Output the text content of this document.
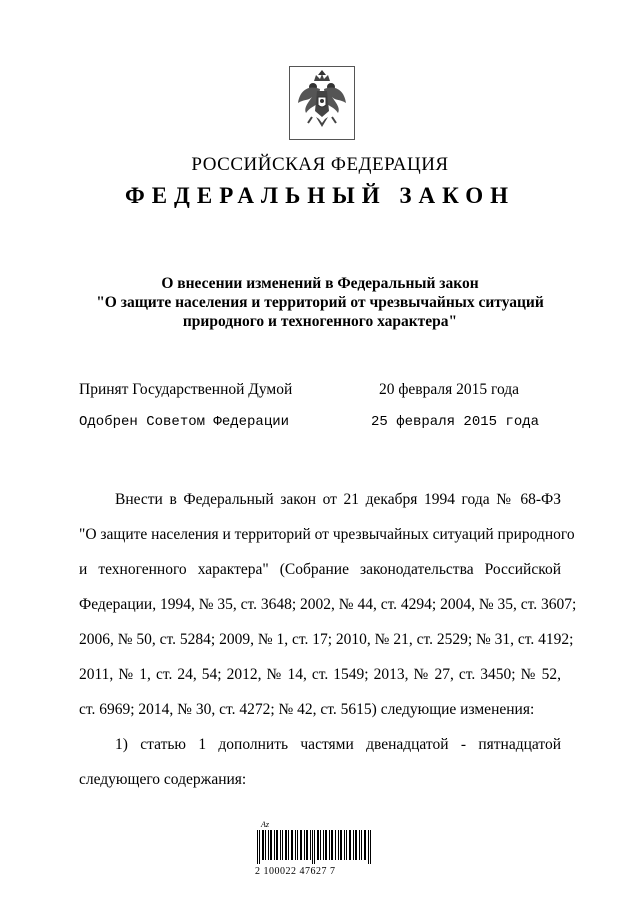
РОССИЙСКАЯ ФЕДЕРАЦИЯ
ФЕДЕРАЛЬНЫЙ ЗАКОН
О внесении изменений в Федеральный закон
"О защите населения и территорий от чрезвычайных ситуаций
природного и техногенного характера"
Принят Государственной Думой	20 февраля 2015 года
Одобрен Советом Федерации	25 февраля 2015 года
Внести в Федеральный закон от 21 декабря 1994 года № 68-ФЗ
"О защите населения и территорий от чрезвычайных ситуаций природного
и техногенного характера" (Собрание законодательства Российской
Федерации, 1994, № 35, ст. 3648; 2002, № 44, ст. 4294; 2004, № 35, ст. 3607;
2006, № 50, ст. 5284; 2009, № 1, ст. 17; 2010, № 21, ст. 2529; № 31, ст. 4192;
2011, № 1, ст. 24, 54; 2012, № 14, ст. 1549; 2013, № 27, ст. 3450; № 52,
ст. 6969; 2014, № 30, ст. 4272; № 42, ст. 5615) следующие изменения:
1) статью 1 дополнить частями двенадцатой - пятнадцатой
следующего содержания:
Az
2 100022 47627 7
